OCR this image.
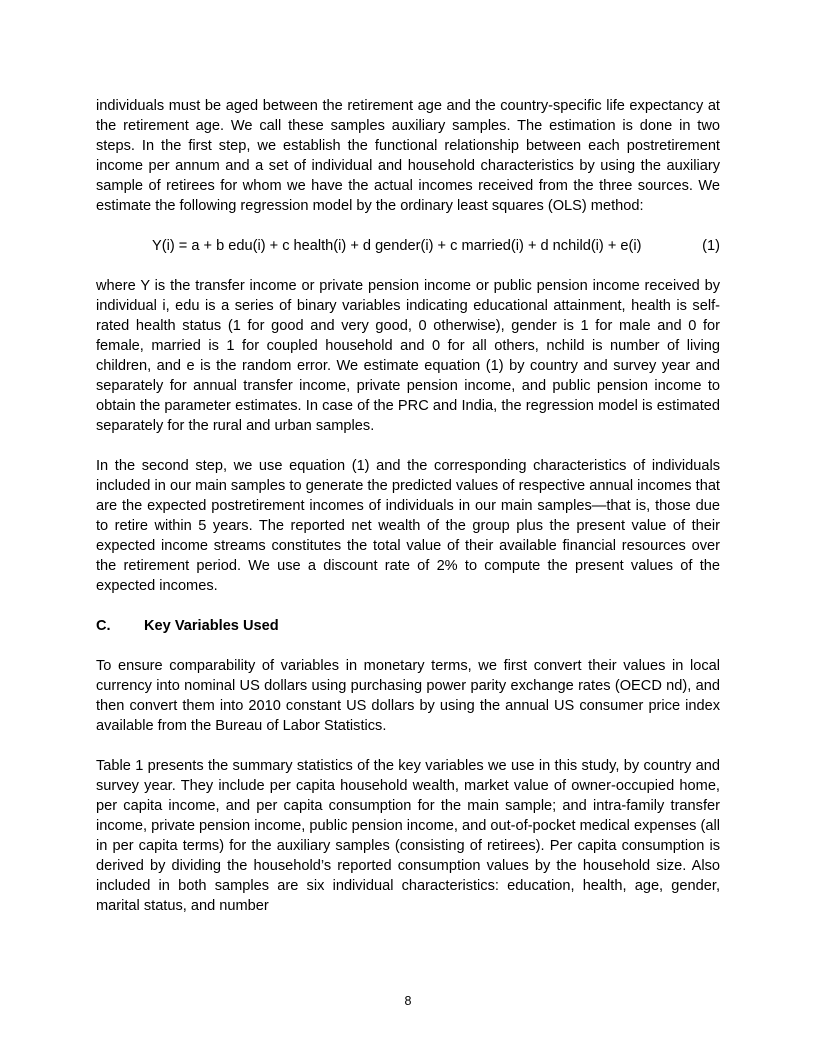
individuals must be aged between the retirement age and the country-specific life expectancy at the retirement age. We call these samples auxiliary samples. The estimation is done in two steps. In the first step, we establish the functional relationship between each postretirement income per annum and a set of individual and household characteristics by using the auxiliary sample of retirees for whom we have the actual incomes received from the three sources. We estimate the following regression model by the ordinary least squares (OLS) method:

Y(i) = a + b edu(i) + c health(i) + d gender(i) + c married(i) + d nchild(i) + e(i)	(1)

where Y is the transfer income or private pension income or public pension income received by individual i, edu is a series of binary variables indicating educational attainment, health is self-rated health status (1 for good and very good, 0 otherwise), gender is 1 for male and 0 for female, married is 1 for coupled household and 0 for all others, nchild is number of living children, and e is the random error. We estimate equation (1) by country and survey year and separately for annual transfer income, private pension income, and public pension income to obtain the parameter estimates. In case of the PRC and India, the regression model is estimated separately for the rural and urban samples.

In the second step, we use equation (1) and the corresponding characteristics of individuals included in our main samples to generate the predicted values of respective annual incomes that are the expected postretirement incomes of individuals in our main samples—that is, those due to retire within 5 years. The reported net wealth of the group plus the present value of their expected income streams constitutes the total value of their available financial resources over the retirement period. We use a discount rate of 2% to compute the present values of the expected incomes.

C.	Key Variables Used

To ensure comparability of variables in monetary terms, we first convert their values in local currency into nominal US dollars using purchasing power parity exchange rates (OECD nd), and then convert them into 2010 constant US dollars by using the annual US consumer price index available from the Bureau of Labor Statistics.

Table 1 presents the summary statistics of the key variables we use in this study, by country and survey year. They include per capita household wealth, market value of owner-occupied home, per capita income, and per capita consumption for the main sample; and intra-family transfer income, private pension income, public pension income, and out-of-pocket medical expenses (all in per capita terms) for the auxiliary samples (consisting of retirees). Per capita consumption is derived by dividing the household’s reported consumption values by the household size. Also included in both samples are six individual characteristics: education, health, age, gender, marital status, and number

8
